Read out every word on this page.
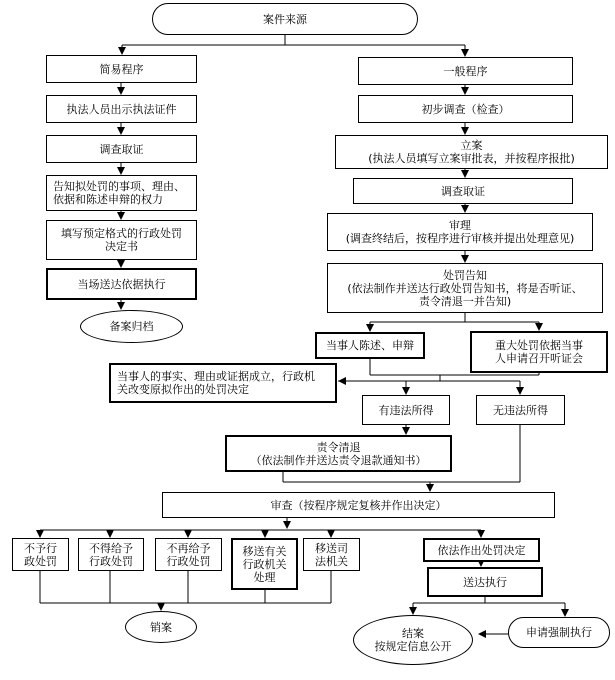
案件来源
简易程序
执法人员出示执法证件
调查取证
告知拟处罚的事项、理由、
依据和陈述申辩的权力
填写预定格式的行政处罚
决定书
当场送达依据执行
备案归档
一般程序
初步调查（检查）
立案
(执法人员填写立案审批表，并按程序报批)
调查取证
审理
(调查终结后，按程序进行审核并提出处理意见)
处罚告知
(依法制作并送达行政处罚告知书，将是否听证、
责令清退一并告知)
当事人陈述、申辩	重大处罚依据当事
人申请召开听证会
当事人的事实、理由或证据成立，行政机
关改变原拟作出的处罚决定
有违法所得	无违法所得
责令清退
（依法制作并送达责令退款通知书）
审查（按程序规定复核并作出决定）
不予行
政处罚
不得给予
行政处罚
不再给予
行政处罚
移送有关
行政机关
处理
移送司
法机关
依法作出处罚决定
送达执行
销案	结案
按规定信息公开
申请强制执行
